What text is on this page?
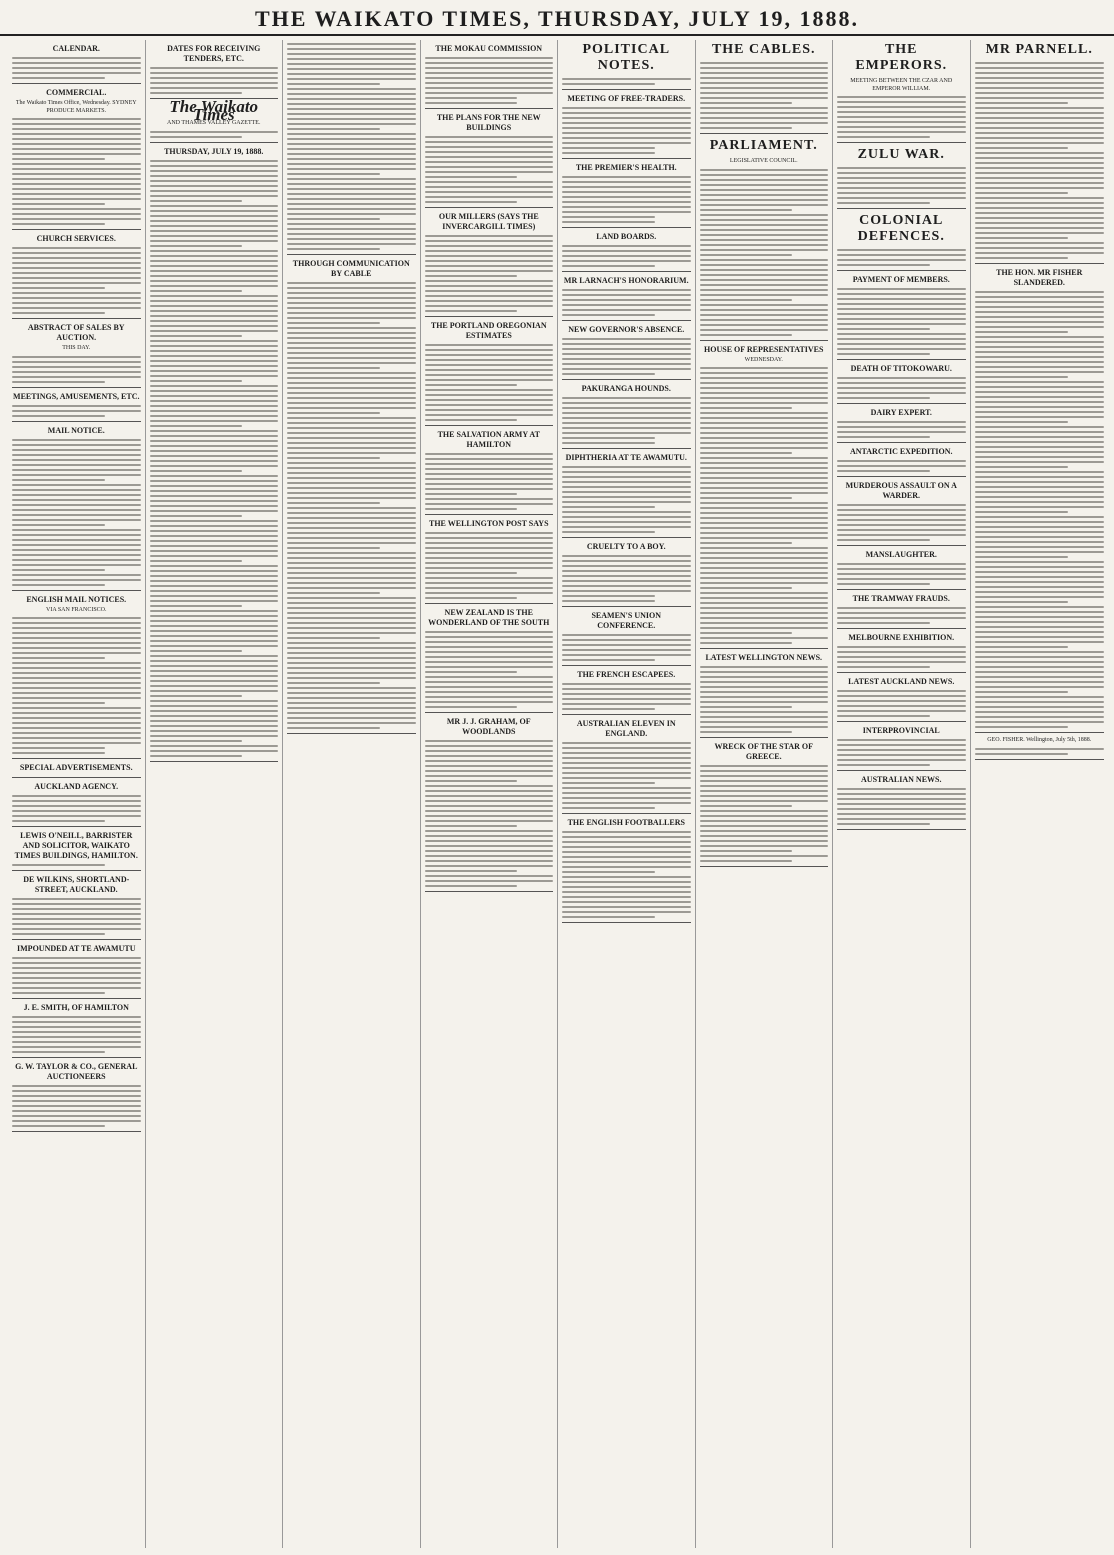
THE WAIKATO TIMES, THURSDAY, JULY 19, 1888.
CALENDAR.
COMMERCIAL.
The Waikato Times Office, Wednesday. SYDNEY PRODUCE MARKETS.
CHURCH SERVICES.
ABSTRACT OF SALES BY AUCTION.
THIS DAY.
MEETINGS, AMUSEMENTS, ETC.
MAIL NOTICE.
ENGLISH MAIL NOTICES.
VIA SAN FRANCISCO.
SPECIAL ADVERTISEMENTS.
AUCKLAND AGENCY.
LEWIS O'NEILL, BARRISTER AND SOLICITOR, WAIKATO TIMES BUILDINGS, HAMILTON.
DE WILKINS, SHORTLAND-STREET, AUCKLAND.
IMPOUNDED AT TE AWAMUTU
J. E. SMITH, OF HAMILTON
G. W. TAYLOR & CO., GENERAL AUCTIONEERS
DATES FOR RECEIVING TENDERS, ETC.
The Waikato Times
AND THAMES VALLEY GAZETTE.
THURSDAY, JULY 19, 1888.
THROUGH COMMUNICATION BY CABLE
THE MOKAU COMMISSION
THE PLANS FOR THE NEW BUILDINGS
OUR MILLERS (SAYS THE INVERCARGILL TIMES)
THE PORTLAND OREGONIAN ESTIMATES
THE SALVATION ARMY AT HAMILTON
THE WELLINGTON POST SAYS
NEW ZEALAND IS THE WONDERLAND OF THE SOUTH
MR J. J. GRAHAM, OF WOODLANDS
POLITICAL NOTES.
MEETING OF FREE-TRADERS.
THE PREMIER'S HEALTH.
LAND BOARDS.
MR LARNACH'S HONORARIUM.
NEW GOVERNOR'S ABSENCE.
PAKURANGA HOUNDS.
DIPHTHERIA AT TE AWAMUTU.
CRUELTY TO A BOY.
SEAMEN'S UNION CONFERENCE.
THE FRENCH ESCAPEES.
AUSTRALIAN ELEVEN IN ENGLAND.
THE ENGLISH FOOTBALLERS
THE CABLES.
PARLIAMENT.
LEGISLATIVE COUNCIL.
HOUSE OF REPRESENTATIVES
WEDNESDAY.
LATEST WELLINGTON NEWS.
WRECK OF THE STAR OF GREECE.
THE EMPERORS.
MEETING BETWEEN THE CZAR AND EMPEROR WILLIAM.
ZULU WAR.
COLONIAL DEFENCES.
PAYMENT OF MEMBERS.
DEATH OF TITOKOWARU.
DAIRY EXPERT.
ANTARCTIC EXPEDITION.
MURDEROUS ASSAULT ON A WARDER.
MANSLAUGHTER.
THE TRAMWAY FRAUDS.
MELBOURNE EXHIBITION.
LATEST AUCKLAND NEWS.
INTERPROVINCIAL
AUSTRALIAN NEWS.
MR PARNELL.
THE HON. MR FISHER SLANDERED.
GEO. FISHER. Wellington, July 5th, 1888.
